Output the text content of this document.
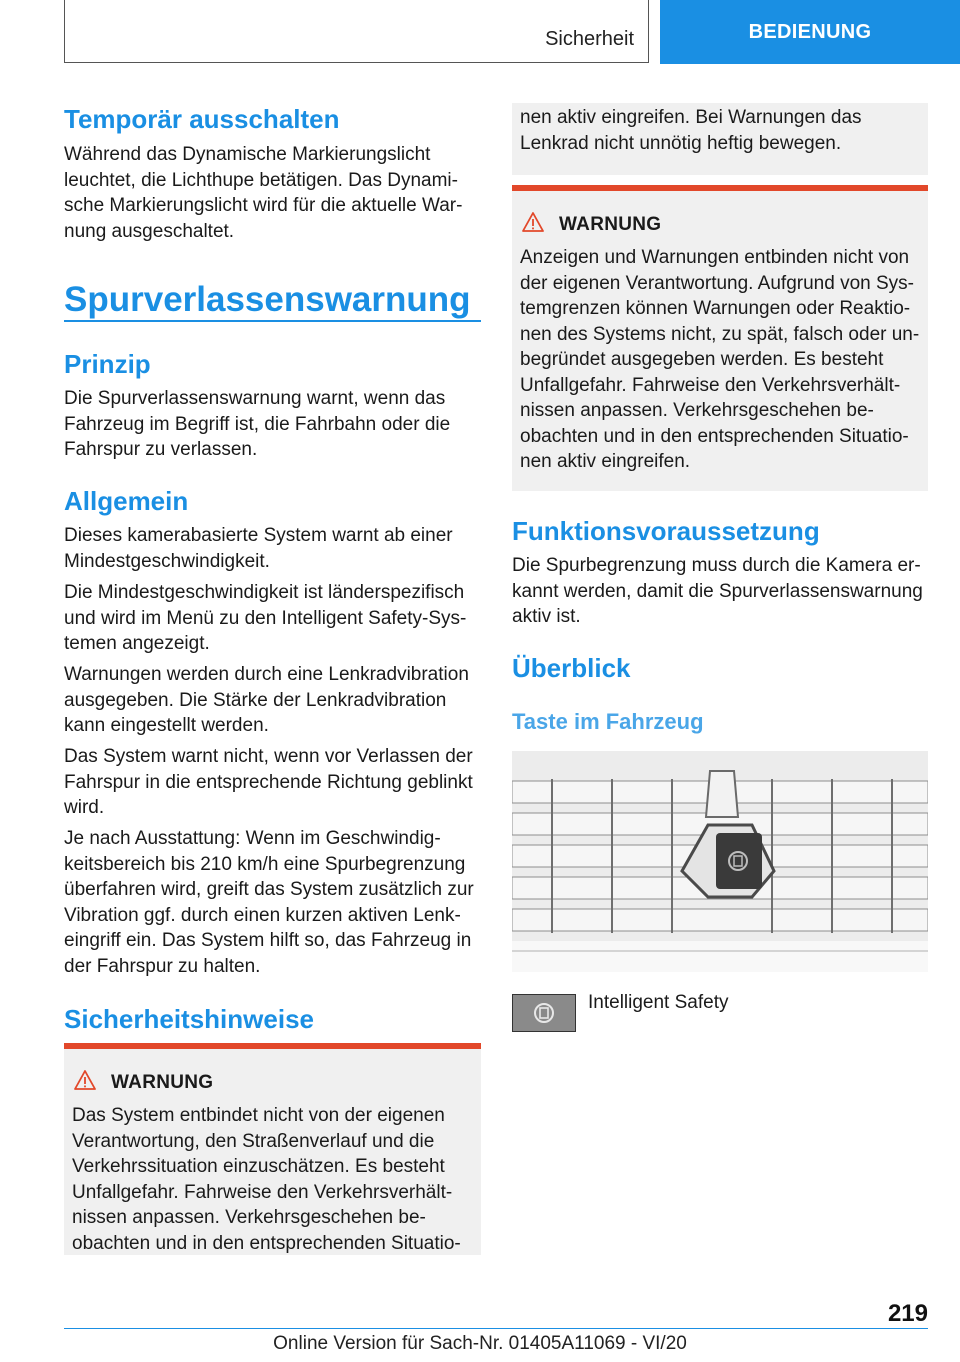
Sicherheit	BEDIENUNG
Temporär ausschalten
Während das Dynamische Markierungslicht
leuchtet, die Lichthupe betätigen. Das Dynami-
sche Markierungslicht wird für die aktuelle War-
nung ausgeschaltet.
Spurverlassenswarnung
Prinzip
Die Spurverlassenswarnung warnt, wenn das
Fahrzeug im Begriff ist, die Fahrbahn oder die
Fahrspur zu verlassen.
Allgemein
Dieses kamerabasierte System warnt ab einer
Mindestgeschwindigkeit.
Die Mindestgeschwindigkeit ist länderspezifisch
und wird im Menü zu den Intelligent Safety-Sys-
temen angezeigt.
Warnungen werden durch eine Lenkradvibration
ausgegeben. Die Stärke der Lenkradvibration
kann eingestellt werden.
Das System warnt nicht, wenn vor Verlassen der
Fahrspur in die entsprechende Richtung geblinkt
wird.
Je nach Ausstattung: Wenn im Geschwindig-
keitsbereich bis 210 km/h eine Spurbegrenzung
überfahren wird, greift das System zusätzlich zur
Vibration ggf. durch einen kurzen aktiven Lenk-
eingriff ein. Das System hilft so, das Fahrzeug in
der Fahrspur zu halten.
Sicherheitshinweise
WARNUNG
Das System entbindet nicht von der eigenen
Verantwortung, den Straßenverlauf und die
Verkehrssituation einzuschätzen. Es besteht
Unfallgefahr. Fahrweise den Verkehrsverhält-
nissen anpassen. Verkehrsgeschehen be-
obachten und in den entsprechenden Situatio-
nen aktiv eingreifen. Bei Warnungen das
Lenkrad nicht unnötig heftig bewegen.
WARNUNG
Anzeigen und Warnungen entbinden nicht von
der eigenen Verantwortung. Aufgrund von Sys-
temgrenzen können Warnungen oder Reaktio-
nen des Systems nicht, zu spät, falsch oder un-
begründet ausgegeben werden. Es besteht
Unfallgefahr. Fahrweise den Verkehrsverhält-
nissen anpassen. Verkehrsgeschehen be-
obachten und in den entsprechenden Situatio-
nen aktiv eingreifen.
Funktionsvoraussetzung
Die Spurbegrenzung muss durch die Kamera er-
kannt werden, damit die Spurverlassenswarnung
aktiv ist.
Überblick
Taste im Fahrzeug
Intelligent Safety
219
Online Version für Sach-Nr. 01405A11069 - VI/20
